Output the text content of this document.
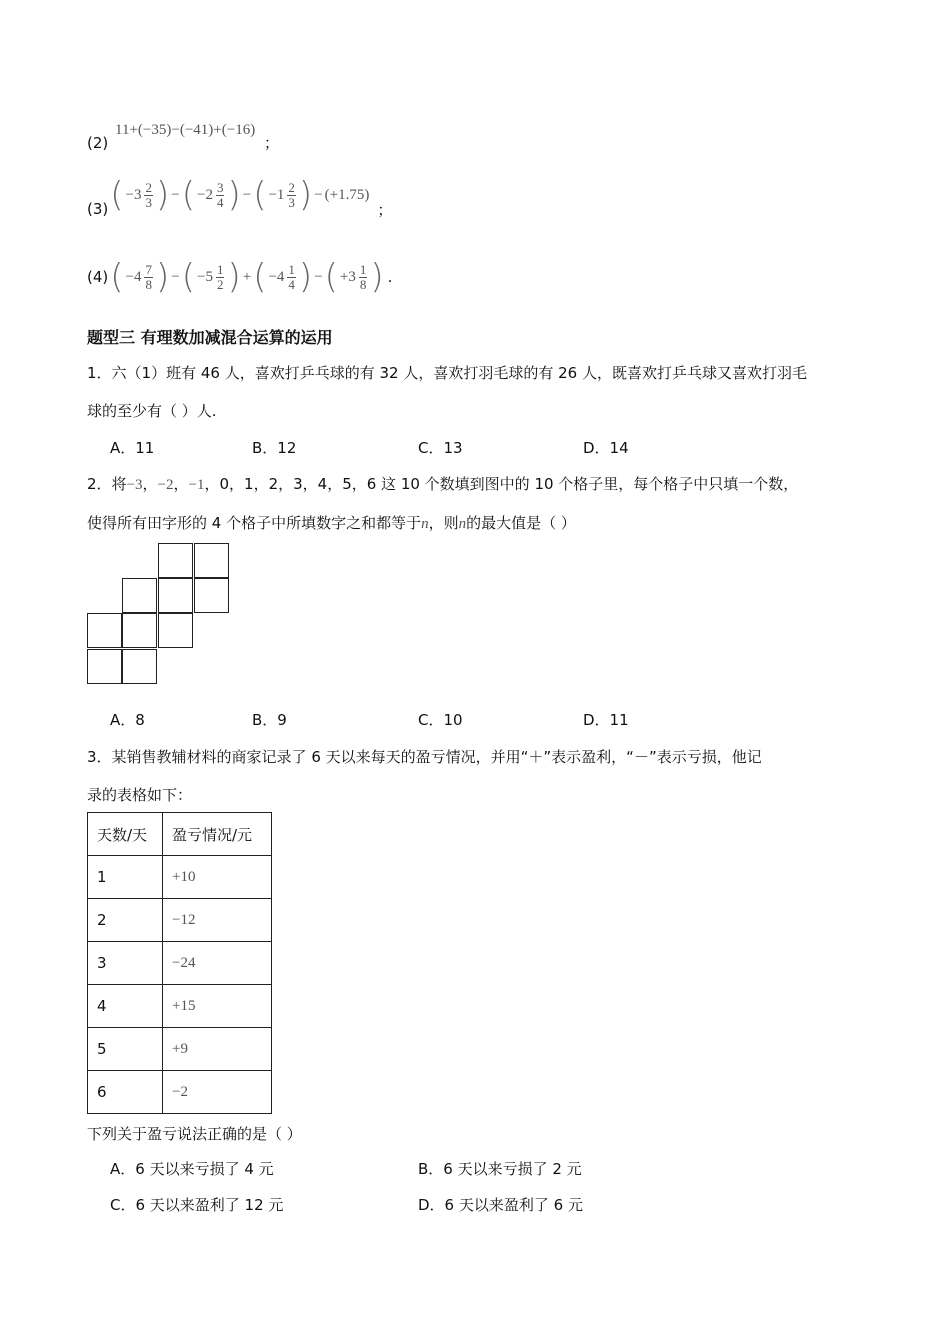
(2) 11+(−35)−(−41)+(−16) ；
(3) ( $-3 \frac{2}{3}$ ) − ( $-2 \frac{3}{4}$ ) − ( $-1 \frac{2}{3}$ ) − (+1.75)
；
(4) ( $-4 \frac{7}{8}$ ) − ( $-5 \frac{1}{2}$ ) + ( $-4 \frac{1}{4}$ ) − ( $+3 \frac{1}{8}$ ) .
题型三 有理数加减混合运算的运用
1．六（1）班有 46 人，喜欢打乒乓球的有 32 人，喜欢打羽毛球的有 26 人，既喜欢打乒乓球又喜欢打羽毛
球的至少有（ ）人.
A．11	B．12	C．13	D．14
2．将−3，−2，−1，0，1，2，3，4，5，6 这 10 个数填到图中的 10 个格子里，每个格子中只填一个数，
使得所有田字形的 4 个格子中所填数字之和都等于n，则n的最大值是（ ）
A．8	B．9	C．10	D．11
3．某销售教辅材料的商家记录了 6 天以来每天的盈亏情况，并用“＋”表示盈利，“－”表示亏损，他记
录的表格如下：
天数/天	盈亏情况/元
1	+10
2	−12
3	−24
4	+15
5	+9
6	−2
下列关于盈亏说法正确的是（ ）
A．6 天以来亏损了 4 元	B．6 天以来亏损了 2 元
C．6 天以来盈利了 12 元	D．6 天以来盈利了 6 元
